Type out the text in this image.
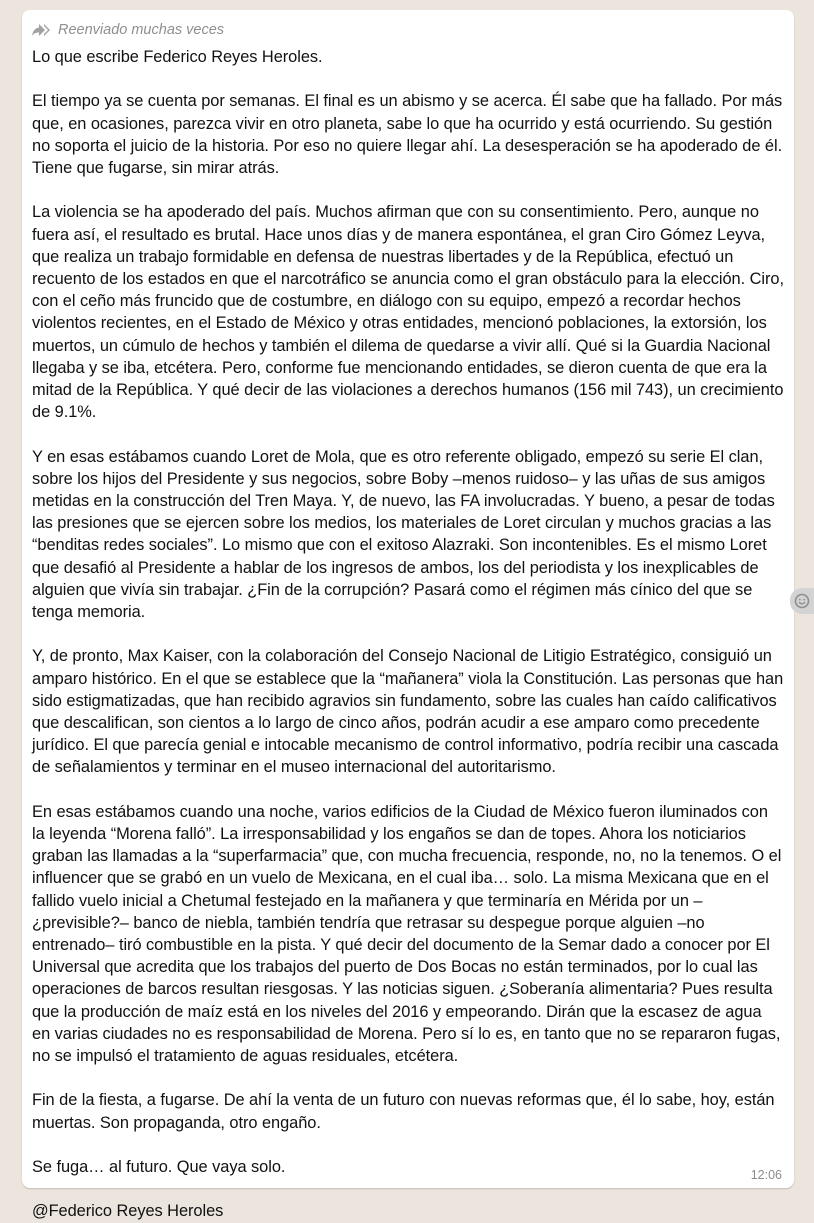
Reenviado muchas veces

Lo que escribe Federico Reyes Heroles.

El tiempo ya se cuenta por semanas. El final es un abismo y se acerca. Él sabe que ha fallado. Por más que, en ocasiones, parezca vivir en otro planeta, sabe lo que ha ocurrido y está ocurriendo. Su gestión no soporta el juicio de la historia. Por eso no quiere llegar ahí. La desesperación se ha apoderado de él. Tiene que fugarse, sin mirar atrás.

La violencia se ha apoderado del país. Muchos afirman que con su consentimiento. Pero, aunque no fuera así, el resultado es brutal. Hace unos días y de manera espontánea, el gran Ciro Gómez Leyva, que realiza un trabajo formidable en defensa de nuestras libertades y de la República, efectuó un recuento de los estados en que el narcotráfico se anuncia como el gran obstáculo para la elección. Ciro, con el ceño más fruncido que de costumbre, en diálogo con su equipo, empezó a recordar hechos violentos recientes, en el Estado de México y otras entidades, mencionó poblaciones, la extorsión, los muertos, un cúmulo de hechos y también el dilema de quedarse a vivir allí. Qué si la Guardia Nacional llegaba y se iba, etcétera. Pero, conforme fue mencionando entidades, se dieron cuenta de que era la mitad de la República. Y qué decir de las violaciones a derechos humanos (156 mil 743), un crecimiento de 9.1%.

Y en esas estábamos cuando Loret de Mola, que es otro referente obligado, empezó su serie El clan, sobre los hijos del Presidente y sus negocios, sobre Boby –menos ruidoso– y las uñas de sus amigos metidas en la construcción del Tren Maya. Y, de nuevo, las FA involucradas. Y bueno, a pesar de todas las presiones que se ejercen sobre los medios, los materiales de Loret circulan y muchos gracias a las “benditas redes sociales”. Lo mismo que con el exitoso Alazraki. Son incontenibles. Es el mismo Loret que desafió al Presidente a hablar de los ingresos de ambos, los del periodista y los inexplicables de alguien que vivía sin trabajar. ¿Fin de la corrupción? Pasará como el régimen más cínico del que se tenga memoria.

Y, de pronto, Max Kaiser, con la colaboración del Consejo Nacional de Litigio Estratégico, consiguió un amparo histórico. En el que se establece que la “mañanera” viola la Constitución. Las personas que han sido estigmatizadas, que han recibido agravios sin fundamento, sobre las cuales han caído calificativos que descalifican, son cientos a lo largo de cinco años, podrán acudir a ese amparo como precedente jurídico. El que parecía genial e intocable mecanismo de control informativo, podría recibir una cascada de señalamientos y terminar en el museo internacional del autoritarismo.

En esas estábamos cuando una noche, varios edificios de la Ciudad de México fueron iluminados con la leyenda “Morena falló”. La irresponsabilidad y los engaños se dan de topes. Ahora los noticiarios graban las llamadas a la “superfarmacia” que, con mucha frecuencia, responde, no, no la tenemos. O el influencer que se grabó en un vuelo de Mexicana, en el cual iba… solo. La misma Mexicana que en el fallido vuelo inicial a Chetumal festejado en la mañanera y que terminaría en Mérida por un –¿previsible?– banco de niebla, también tendría que retrasar su despegue porque alguien –no entrenado– tiró combustible en la pista. Y qué decir del documento de la Semar dado a conocer por El Universal que acredita que los trabajos del puerto de Dos Bocas no están terminados, por lo cual las operaciones de barcos resultan riesgosas. Y las noticias siguen. ¿Soberanía alimentaria? Pues resulta que la producción de maíz está en los niveles del 2016 y empeorando. Dirán que la escasez de agua en varias ciudades no es responsabilidad de Morena. Pero sí lo es, en tanto que no se repararon fugas, no se impulsó el tratamiento de aguas residuales, etcétera.

Fin de la fiesta, a fugarse. De ahí la venta de un futuro con nuevas reformas que, él lo sabe, hoy, están muertas. Son propaganda, otro engaño.

Se fuga… al futuro. Que vaya solo.

@Federico Reyes Heroles

12:06
